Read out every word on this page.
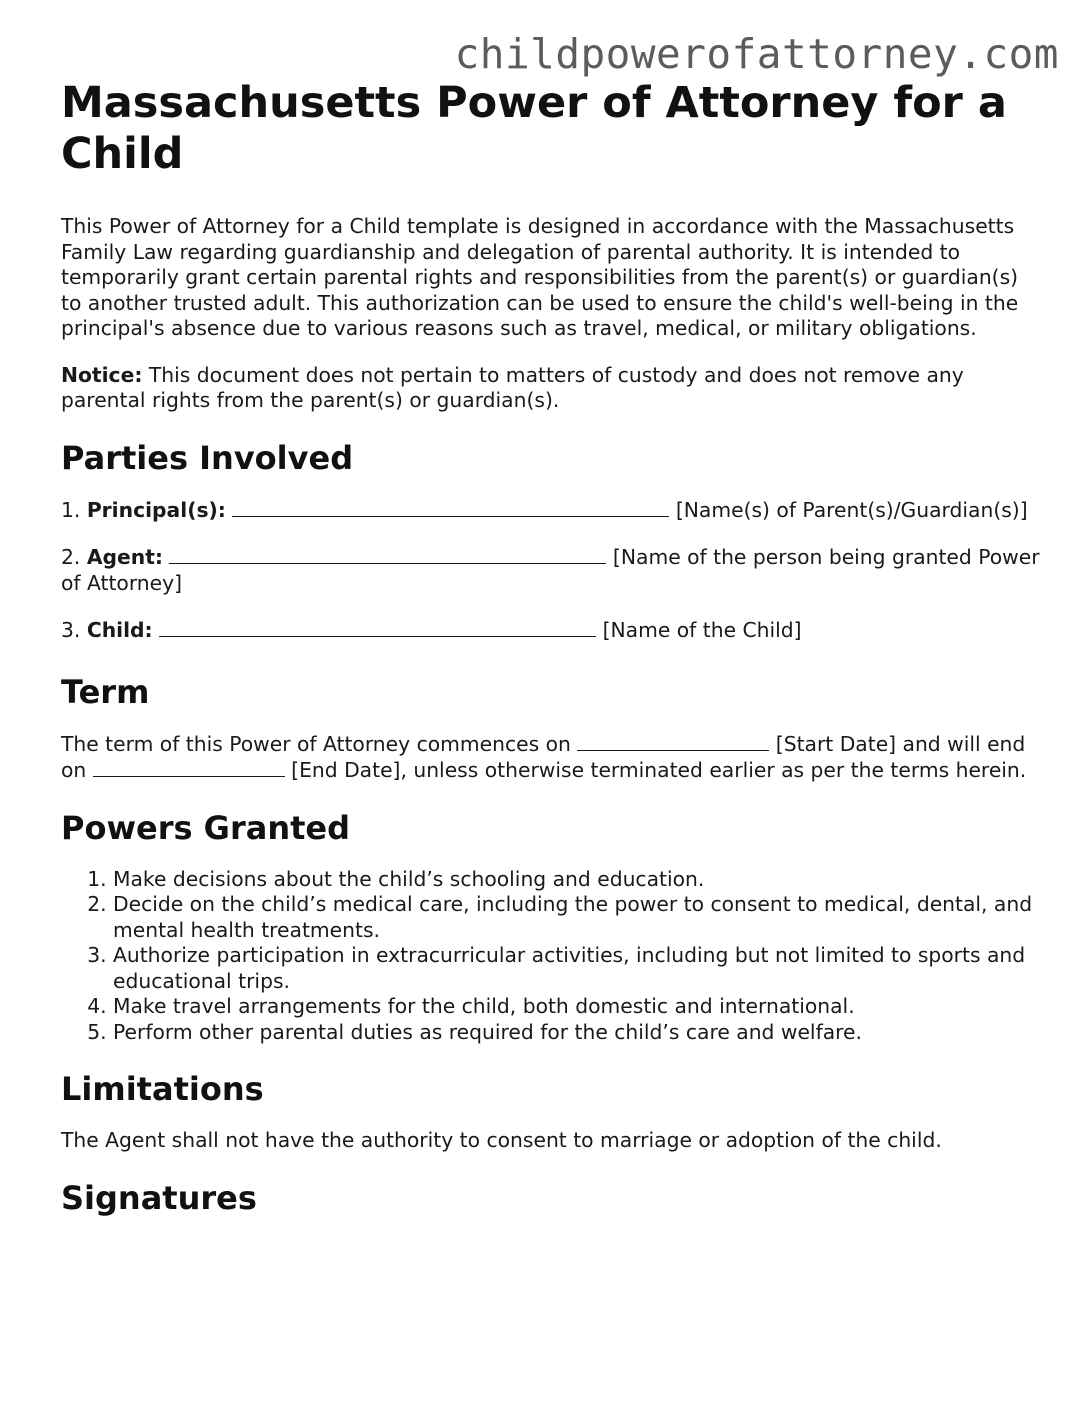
childpowerofattorney.com
Massachusetts Power of Attorney for a Child

This Power of Attorney for a Child template is designed in accordance with the Massachusetts Family Law regarding guardianship and delegation of parental authority. It is intended to temporarily grant certain parental rights and responsibilities from the parent(s) or guardian(s) to another trusted adult. This authorization can be used to ensure the child's well-being in the principal's absence due to various reasons such as travel, medical, or military obligations.

Notice: This document does not pertain to matters of custody and does not remove any parental rights from the parent(s) or guardian(s).

Parties Involved

1. Principal(s):	[Name(s) of Parent(s)/Guardian(s)]

2. Agent:	[Name of the person being granted Power of Attorney]

3. Child:	[Name of the Child]

Term

The term of this Power of Attorney commences on	[Start Date] and will end on	[End Date], unless otherwise terminated earlier as per the terms herein.

Powers Granted
1. Make decisions about the child’s schooling and education.
2. Decide on the child’s medical care, including the power to consent to medical, dental, and mental health treatments.
3. Authorize participation in extracurricular activities, including but not limited to sports and educational trips.
4. Make travel arrangements for the child, both domestic and international.
5. Perform other parental duties as required for the child’s care and welfare.
Limitations

The Agent shall not have the authority to consent to marriage or adoption of the child.

Signatures
